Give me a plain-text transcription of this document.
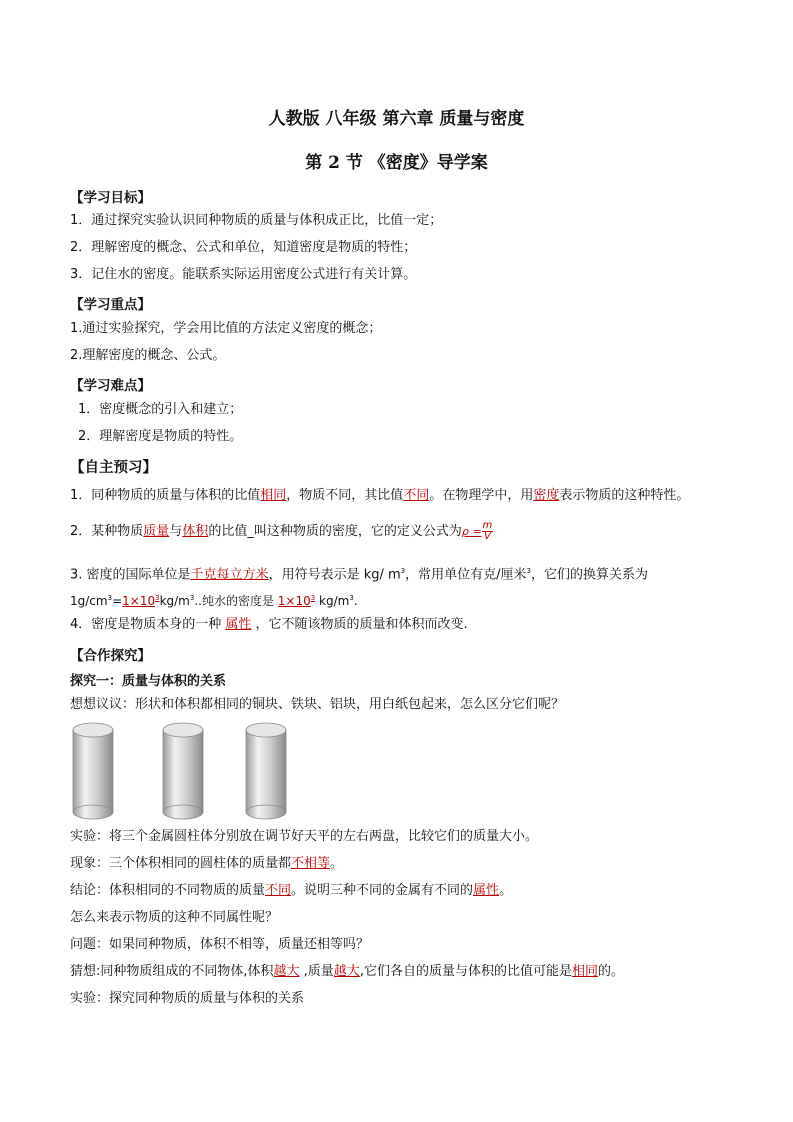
人教版 八年级 第六章 质量与密度
第 2 节 《密度》导学案
【学习目标】
1．通过探究实验认识同种物质的质量与体积成正比，比值一定；
2．理解密度的概念、公式和单位，知道密度是物质的特性；
3．记住水的密度。能联系实际运用密度公式进行有关计算。
【学习重点】
1.通过实验探究，学会用比值的方法定义密度的概念；
2.理解密度的概念、公式。
【学习难点】
1．密度概念的引入和建立；
2．理解密度是物质的特性。
【自主预习】
1．同种物质的质量与体积的比值相同，物质不同，其比值不同。在物理学中，用密度表示物质的这种特性。
2．某种物质质量与体积的比值_叫这种物质的密度，它的定义公式为$\rho = \frac{m}{V}$
3. 密度的国际单位是千克每立方米，用符号表示是 kg/ $m^3$，常用单位有克/厘米$^3$，它们的换算关系为
$1g/cm^3=1\times 10^3kg/m^3$..纯水的密度是 $1\times 10^3$ $kg/m^3$.
4．密度是物质本身的一种 属性 ，它不随该物质的质量和体积而改变.
【合作探究】
探究一：质量与体积的关系
想想议议：形状和体积都相同的铜块、铁块、铝块，用白纸包起来，怎么区分它们呢？
实验：将三个金属圆柱体分别放在调节好天平的左右两盘，比较它们的质量大小。
现象：三个体积相同的圆柱体的质量都不相等。
结论：体积相同的不同物质的质量不同。说明三种不同的金属有不同的属性。
怎么来表示物质的这种不同属性呢？
问题：如果同种物质，体积不相等，质量还相等吗？
猜想:同种物质组成的不同物体,体积越大 ,质量越大,它们各自的质量与体积的比值可能是相同的。
实验：探究同种物质的质量与体积的关系
